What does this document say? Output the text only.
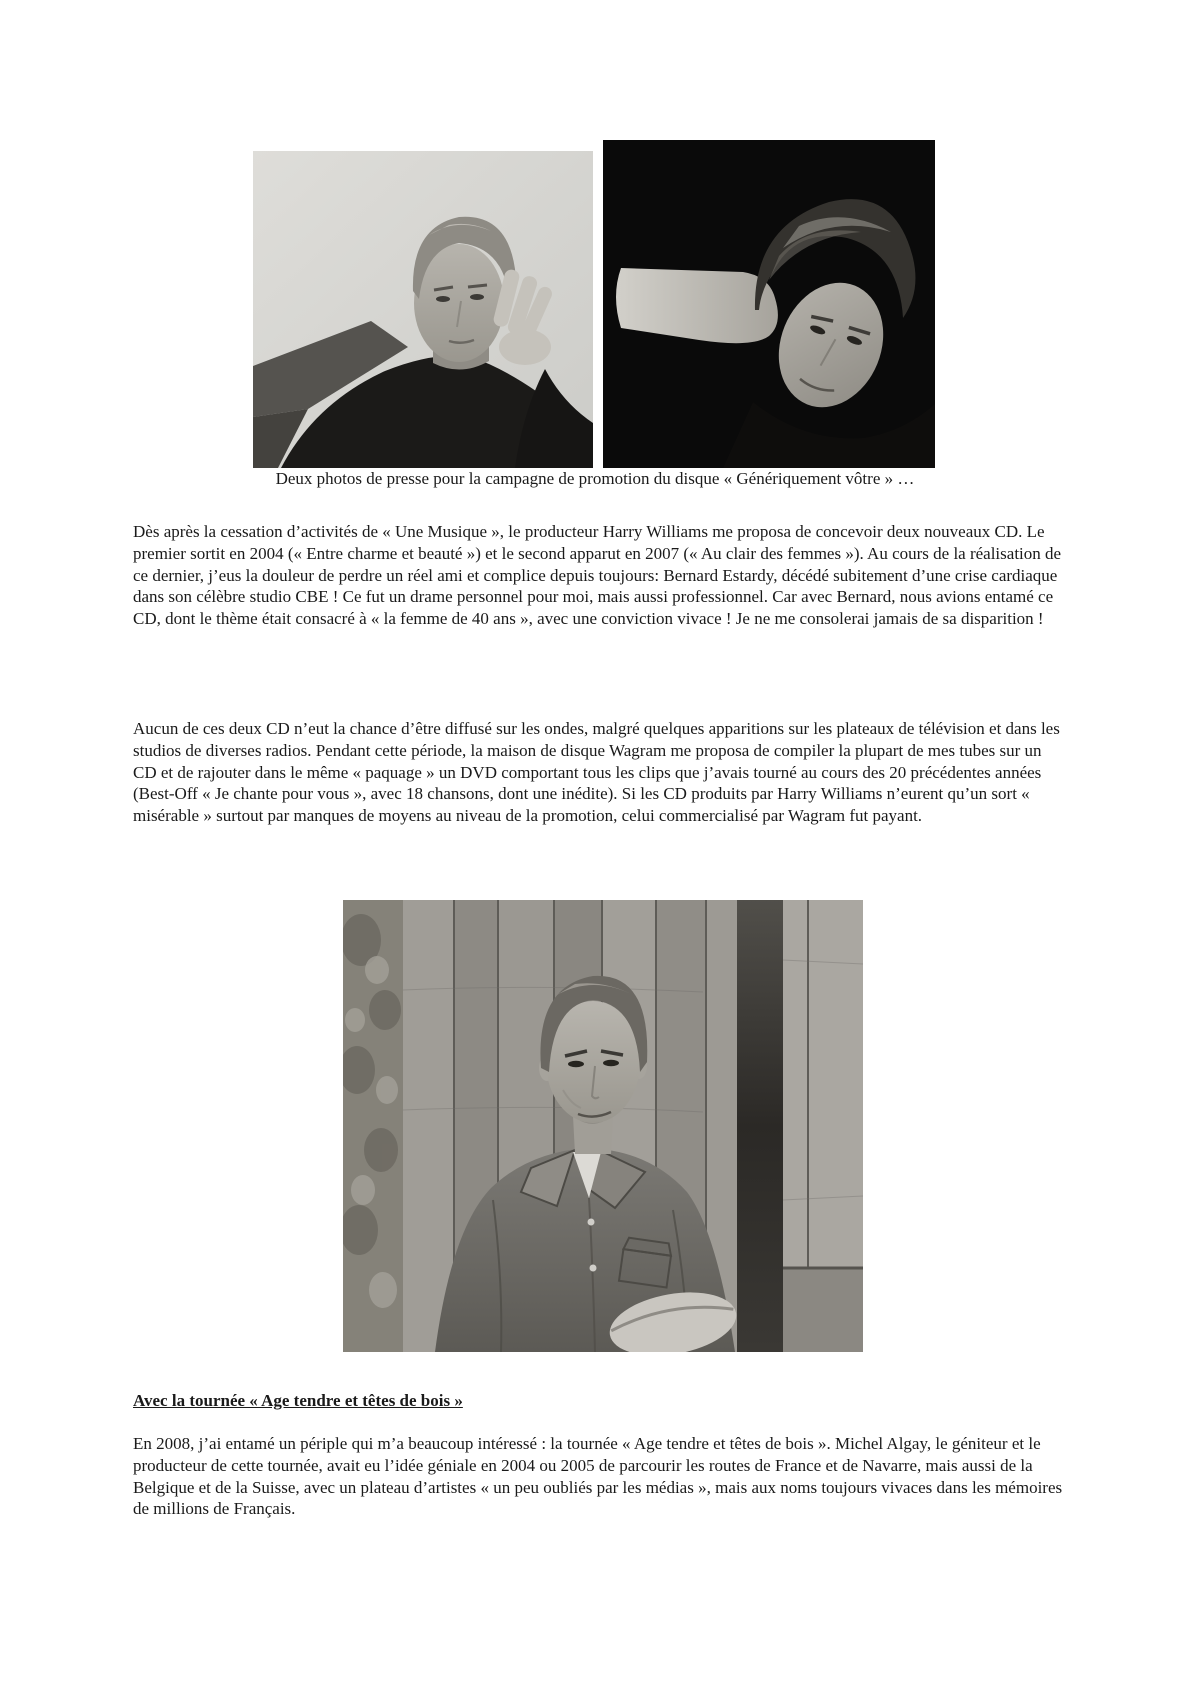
Deux photos de presse pour la campagne de promotion du disque « Génériquement vôtre » …

Dès après la cessation d’activités de « Une Musique », le producteur Harry Williams me proposa de concevoir deux nouveaux CD. Le premier sortit en 2004 (« Entre charme et beauté ») et le second apparut en 2007 (« Au clair des femmes »). Au cours de la réalisation de ce dernier, j’eus la douleur de perdre un réel ami et complice depuis toujours: Bernard Estardy, décédé subitement d’une crise cardiaque dans son célèbre studio CBE ! Ce fut un drame personnel pour moi, mais aussi professionnel. Car avec Bernard, nous avions entamé ce CD, dont le thème était consacré à « la femme de 40 ans », avec une conviction vivace ! Je ne me consolerai jamais de sa disparition !

Aucun de ces deux CD n’eut la chance d’être diffusé sur les ondes, malgré quelques apparitions sur les plateaux de télévision et dans les studios de diverses radios. Pendant cette période, la maison de disque Wagram me proposa de compiler la plupart de mes tubes sur un CD et de rajouter dans le même « paquage » un DVD comportant tous les clips que j’avais tourné au cours des 20 précédentes années (Best-Off « Je chante pour vous », avec 18 chansons, dont une inédite). Si les CD produits par Harry Williams n’eurent qu’un sort « misérable » surtout par manques de moyens au niveau de la promotion, celui commercialisé par Wagram fut payant.

Avec la tournée « Age tendre et têtes de bois »

En 2008, j’ai entamé un périple qui m’a beaucoup intéressé : la tournée « Age tendre et têtes de bois ». Michel Algay, le géniteur et le producteur de cette tournée, avait eu l’idée géniale en 2004 ou 2005 de parcourir les routes de France et de Navarre, mais aussi de la Belgique et de la Suisse, avec un plateau d’artistes « un peu oubliés par les médias », mais aux noms toujours vivaces dans les mémoires de millions de Français.
